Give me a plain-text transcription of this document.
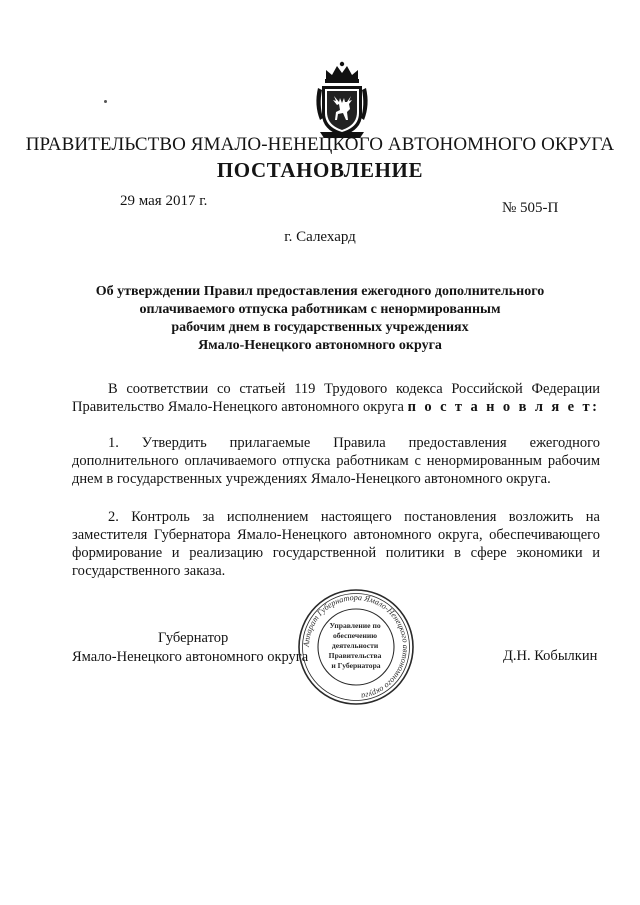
ПРАВИТЕЛЬСТВО ЯМАЛО-НЕНЕЦКОГО АВТОНОМНОГО ОКРУГА
ПОСТАНОВЛЕНИЕ
29 мая 2017 г.	№ 505-П
г. Салехард
Об утверждении Правил предоставления ежегодного дополнительного
оплачиваемого отпуска работникам с ненормированным
рабочим днем в государственных учреждениях
Ямало-Ненецкого автономного округа

В соответствии со статьей 119 Трудового кодекса Российской Федерации Правительство Ямало-Ненецкого автономного округа п о с т а н о в л я е т:

1. Утвердить прилагаемые Правила предоставления ежегодного дополнительного оплачиваемого отпуска работникам с ненормированным рабочим днем в государственных учреждениях Ямало-Ненецкого автономного округа.

2. Контроль за исполнением настоящего постановления возложить на заместителя Губернатора Ямало-Ненецкого автономного округа, обеспечивающего формирование и реализацию государственной политики в сфере экономики и государственного заказа.

Губернатор
Ямало-Ненецкого автономного округа	Д.Н. Кобылкин
Аппарат Губернатора Ямало-Ненецкого автономного округа
Управление по обеспечению деятельности Правительства и Губернатора
